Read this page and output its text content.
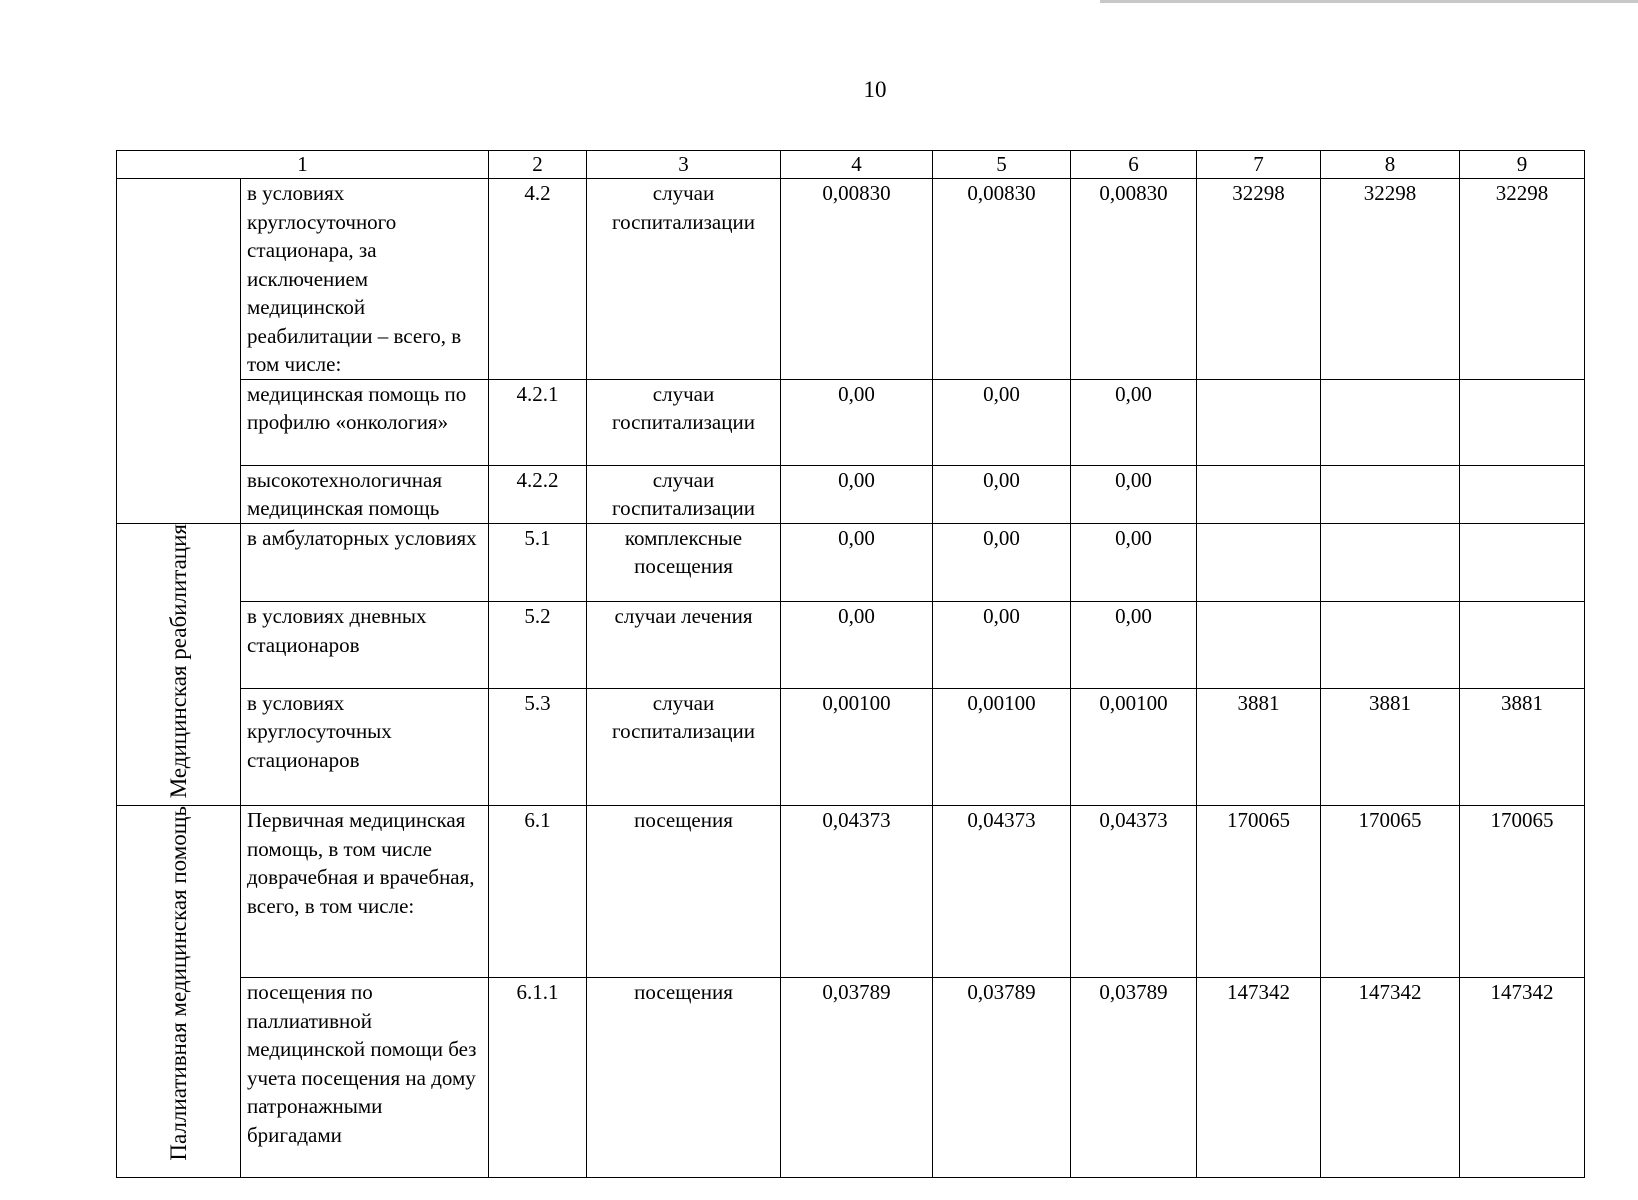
10
1		2	3	4	5	6	7	8	9
	в условиях круглосуточного стационара, за исключением медицинской реабилитации – всего, в том числе:	4.2	случаи госпитализации	0,00830	0,00830	0,00830	32298	32298	32298
	медицинская помощь по профилю «онкология»	4.2.1	случаи госпитализации	0,00	0,00	0,00			
	высокотехнологичная медицинская помощь	4.2.2	случаи госпитализации	0,00	0,00	0,00			
Медицинская реабилитация	в амбулаторных условиях	5.1	комплексные посещения	0,00	0,00	0,00			
	в условиях дневных стационаров	5.2	случаи лечения	0,00	0,00	0,00			
	в условиях круглосуточных стационаров	5.3	случаи госпитализации	0,00100	0,00100	0,00100	3881	3881	3881
Паллиативная медицинская помощь	Первичная медицинская помощь, в том числе доврачебная и врачебная, всего, в том числе:	6.1	посещения	0,04373	0,04373	0,04373	170065	170065	170065
	посещения по паллиативной медицинской помощи без учета посещения на дому патронажными бригадами	6.1.1	посещения	0,03789	0,03789	0,03789	147342	147342	147342
